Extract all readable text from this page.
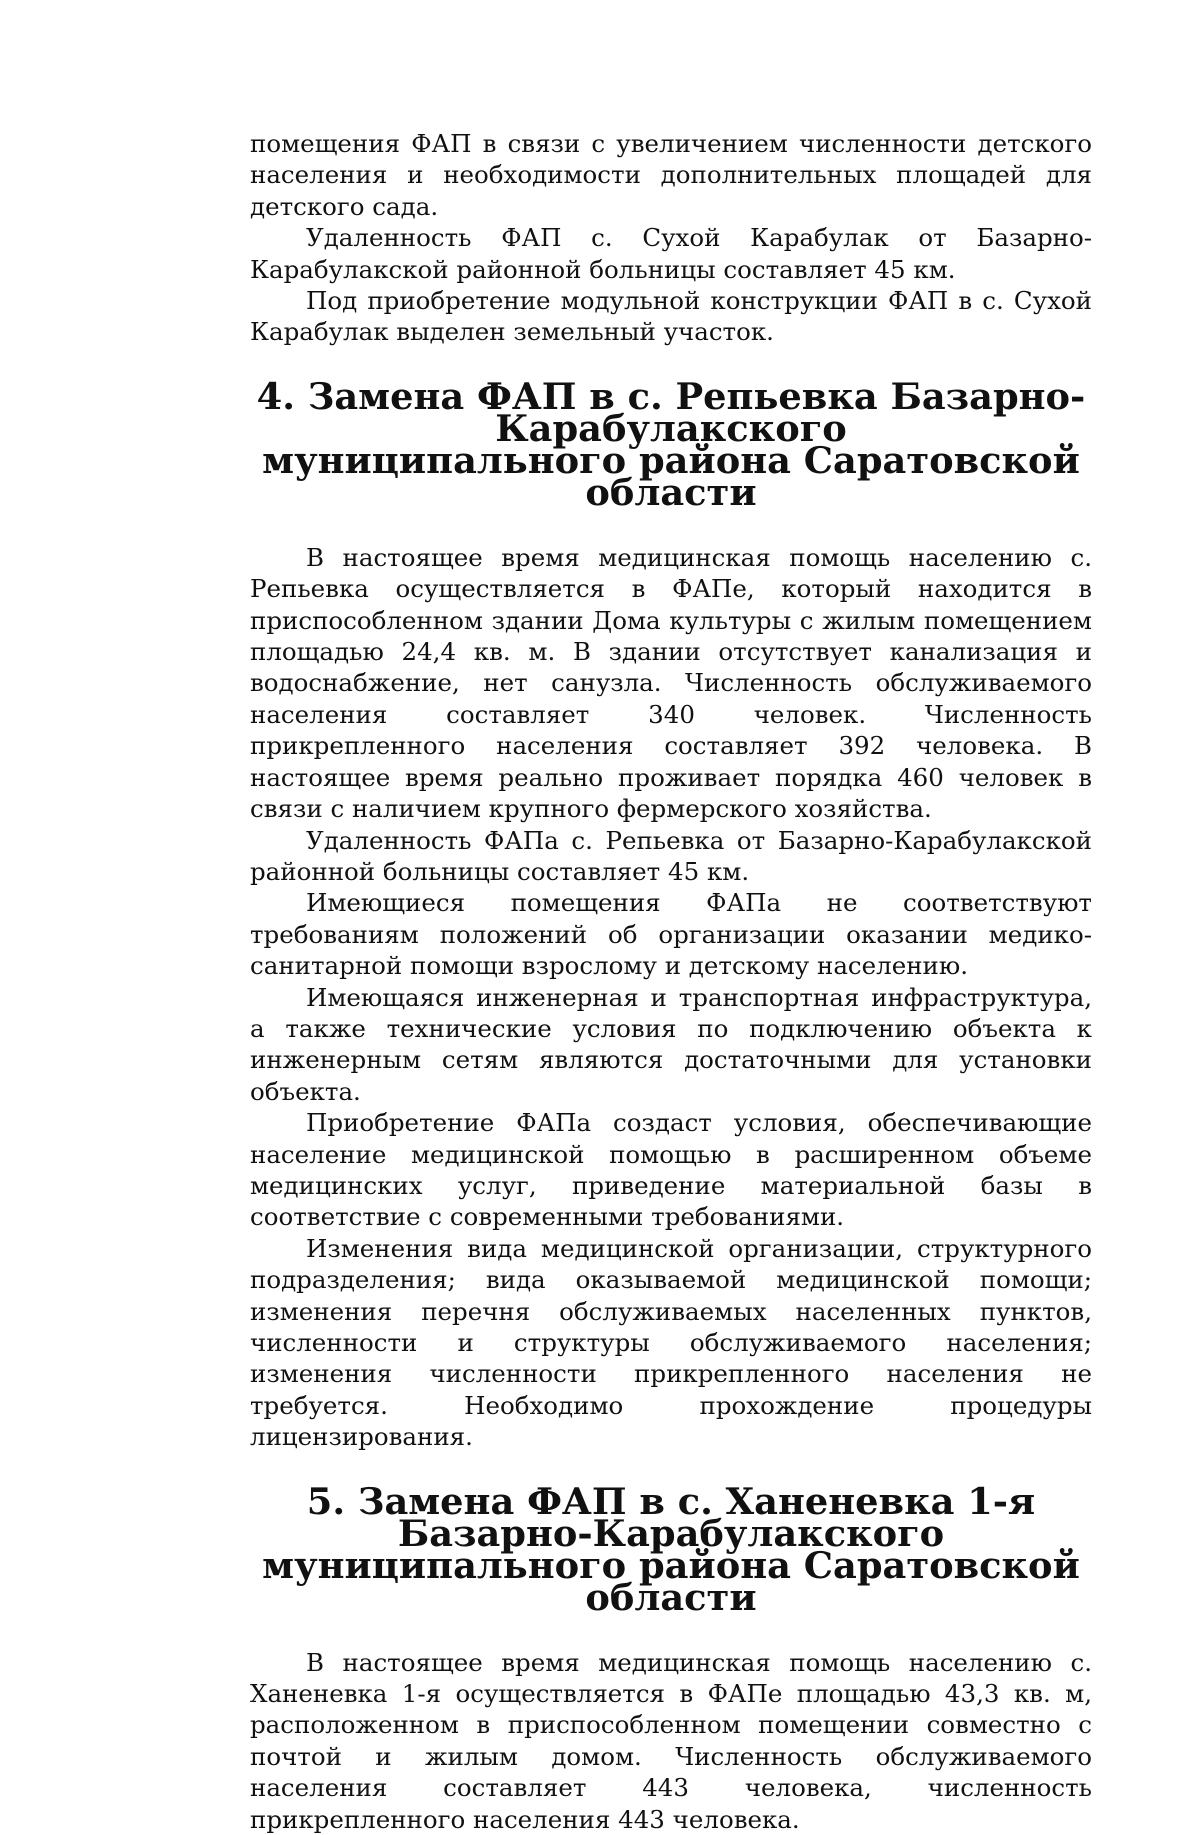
помещения ФАП в связи с увеличением численности детского населения и необходимости дополнительных площадей для детского сада.

Удаленность ФАП с. Сухой Карабулак от Базарно-Карабулакской районной больницы составляет 45 км.

Под приобретение модульной конструкции ФАП в с. Сухой Карабулак выделен земельный участок.

4. Замена ФАП в с. Репьевка Базарно-Карабулакского
муниципального района Саратовской области

В настоящее время медицинская помощь населению с. Репьевка осуществляется в ФАПе, который находится в приспособленном здании Дома культуры с жилым помещением площадью 24,4 кв. м. В здании отсутствует канализация и водоснабжение, нет санузла. Численность обслуживаемого населения составляет 340 человек. Численность прикрепленного населения составляет 392 человека. В настоящее время реально проживает порядка 460 человек в связи с наличием крупного фермерского хозяйства.

Удаленность ФАПа с. Репьевка от Базарно-Карабулакской районной больницы составляет 45 км.

Имеющиеся помещения ФАПа не соответствуют требованиям положений об организации оказании медико-санитарной помощи взрослому и детскому населению.

Имеющаяся инженерная и транспортная инфраструктура, а также технические условия по подключению объекта к инженерным сетям являются достаточными для установки объекта.

Приобретение ФАПа создаст условия, обеспечивающие население медицинской помощью в расширенном объеме медицинских услуг, приведение материальной базы в соответствие с современными требованиями.

Изменения вида медицинской организации, структурного подразделения; вида оказываемой медицинской помощи; изменения перечня обслуживаемых населенных пунктов, численности и структуры обслуживаемого населения; изменения численности прикрепленного населения не требуется. Необходимо прохождение процедуры лицензирования.

5. Замена ФАП в с. Ханеневка 1-я Базарно-Карабулакского
муниципального района Саратовской области

В настоящее время медицинская помощь населению с. Ханеневка 1-я осуществляется в ФАПе площадью 43,3 кв. м, расположенном в приспособленном помещении совместно с почтой и жилым домом. Численность обслуживаемого населения составляет 443 человека, численность прикрепленного населения 443 человека.
